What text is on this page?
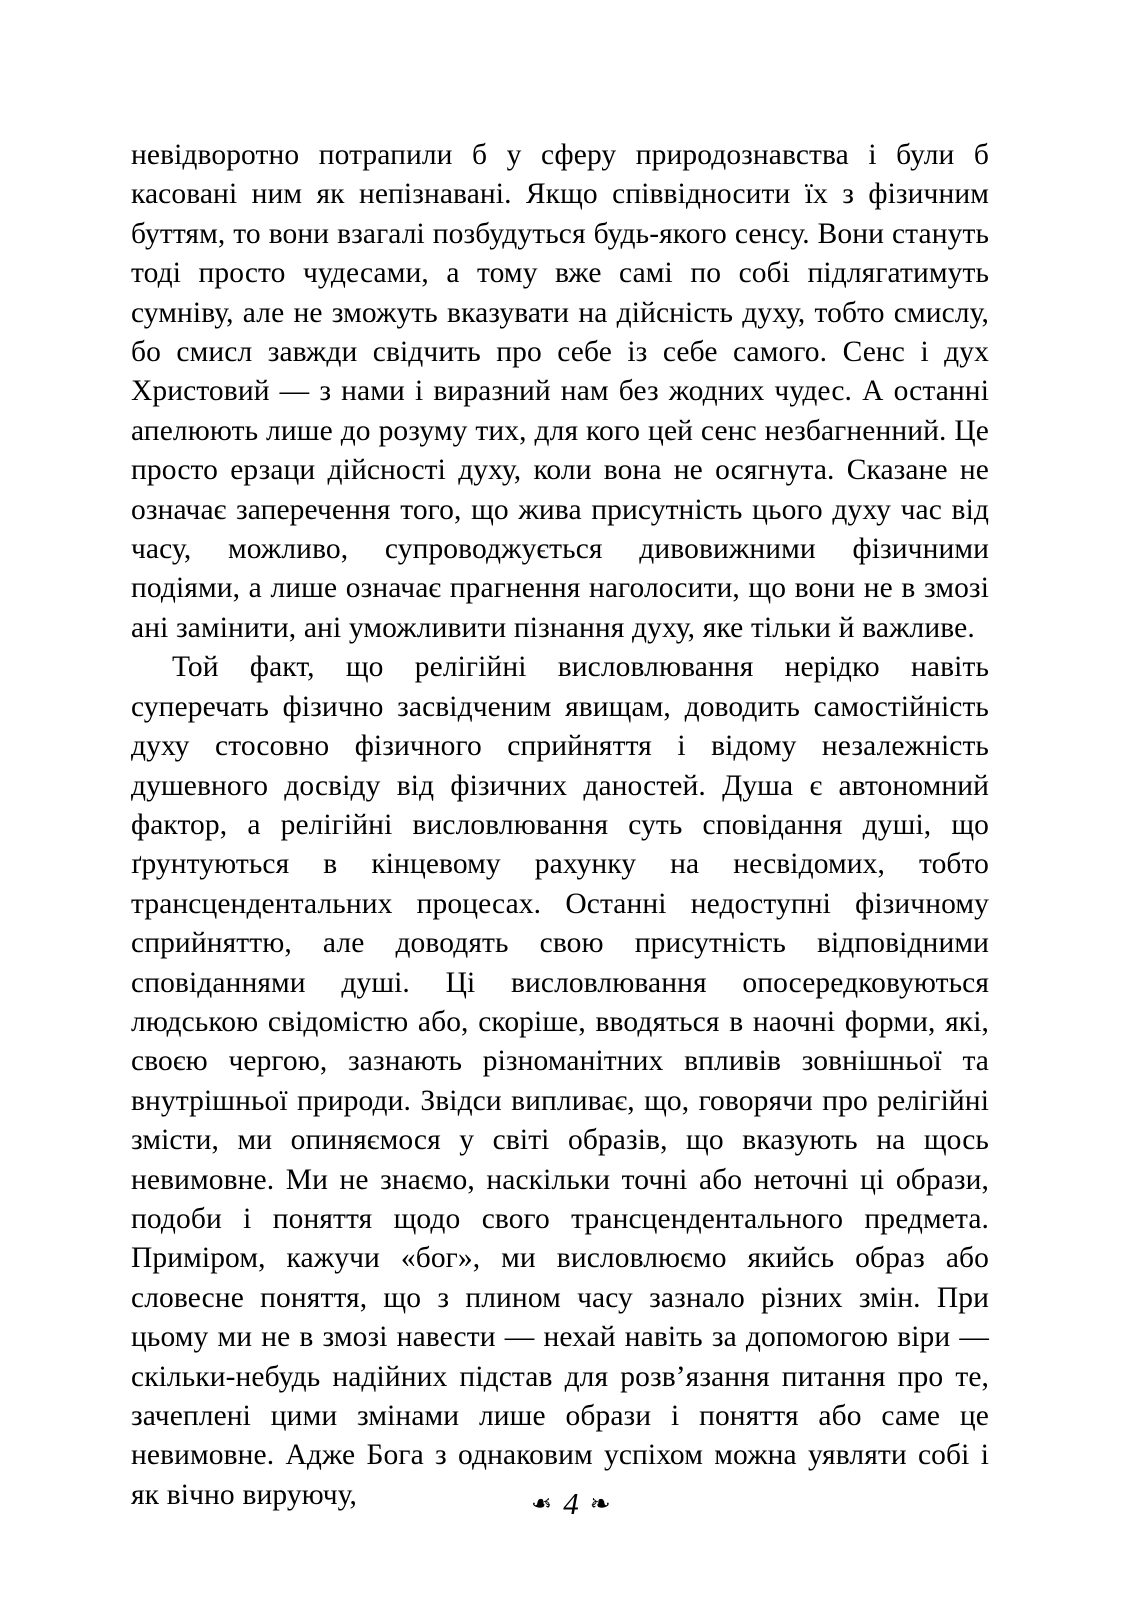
невідворотно потрапили б у сферу природознавства і були б касовані ним як непізнавані. Якщо співвідносити їх з фізичним буттям, то вони взагалі позбудуться будь-якого сенсу. Вони стануть тоді просто чудесами, а тому вже самі по собі підлягатимуть сумніву, але не зможуть вказувати на дійсність духу, тобто смислу, бо смисл завжди свідчить про себе із себе самого. Сенс і дух Христовий — з нами і виразний нам без жодних чудес. А останні апелюють лише до розуму тих, для кого цей сенс незбагненний. Це просто ерзаци дійсності духу, коли вона не осягнута. Сказане не означає заперечення того, що жива присутність цього духу час від часу, можливо, супроводжується дивовижними фізичними подіями, а лише означає прагнення наголосити, що вони не в змозі ані замінити, ані уможливити пізнання духу, яке тільки й важливе.

Той факт, що релігійні висловлювання нерідко навіть суперечать фізично засвідченим явищам, доводить самостійність духу стосовно фізичного сприйняття і відому незалежність душевного досвіду від фізичних даностей. Душа є автономний фактор, а релігійні висловлювання суть сповідання душі, що ґрунтуються в кінцевому рахунку на несвідомих, тобто трансцендентальних процесах. Останні недоступні фізичному сприйняттю, але доводять свою присутність відповідними сповіданнями душі. Ці висловлювання опосередковуються людською свідомістю або, скоріше, вводяться в наочні форми, які, своєю чергою, зазнають різноманітних впливів зовнішньої та внутрішньої природи. Звідси випливає, що, говорячи про релігійні змісти, ми опиняємося у світі образів, що вказують на щось невимовне. Ми не знаємо, наскільки точні або неточні ці образи, подоби і поняття щодо свого трансцендентального предмета. Приміром, кажучи «бог», ми висловлюємо якийсь образ або словесне поняття, що з плином часу зазнало різних змін. При цьому ми не в змозі навести — нехай навіть за допомогою віри — скільки-небудь надійних підстав для розв’язання питання про те, зачеплені цими змінами лише образи і поняття або саме це невимовне. Адже Бога з однаковим успіхом можна уявляти собі і як вічно вируючу,	❧ 4 ❧
